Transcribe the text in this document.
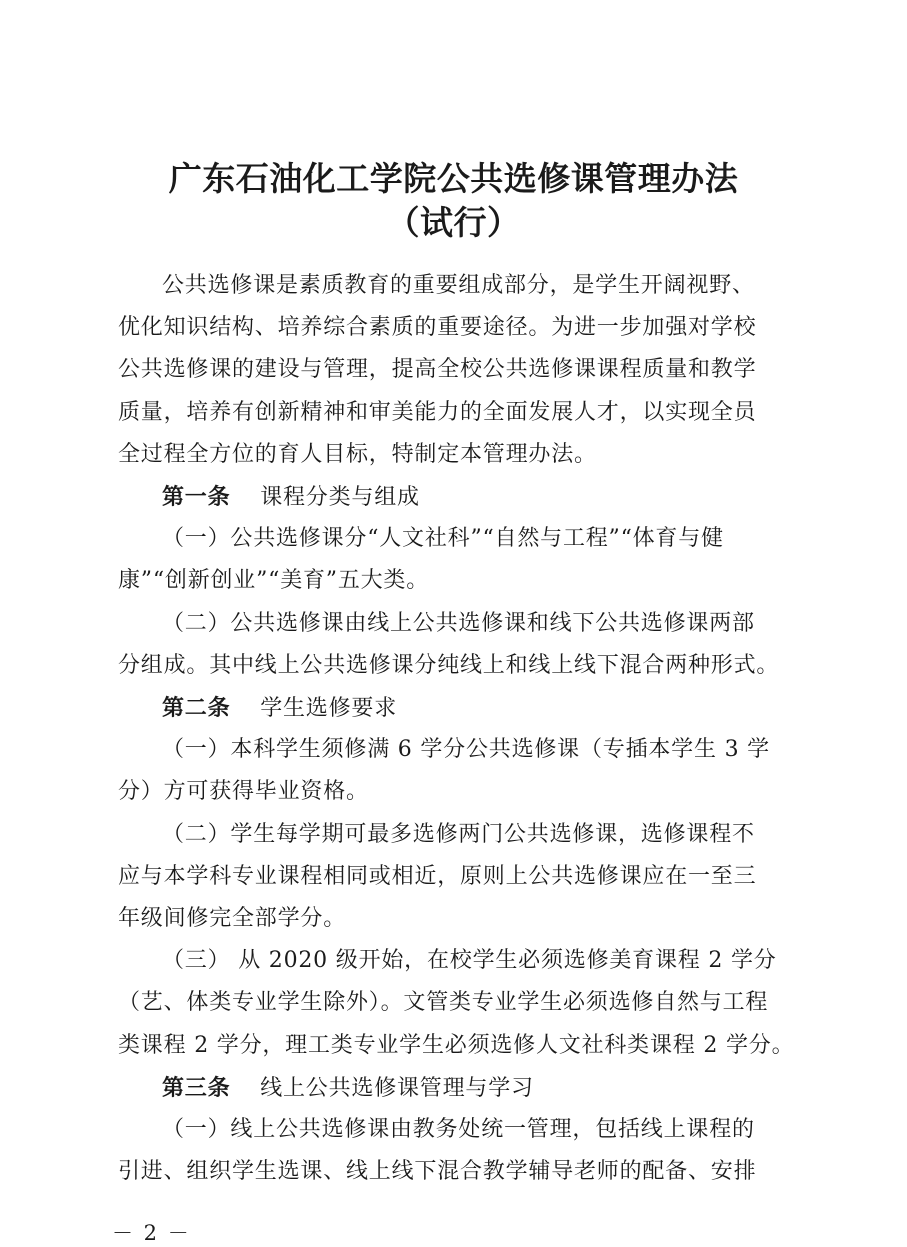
广东石油化工学院公共选修课管理办法
（试行）
公共选修课是素质教育的重要组成部分，是学生开阔视野、
优化知识结构、培养综合素质的重要途径。为进一步加强对学校
公共选修课的建设与管理，提高全校公共选修课课程质量和教学
质量，培养有创新精神和审美能力的全面发展人才，以实现全员
全过程全方位的育人目标，特制定本管理办法。
第一条 课程分类与组成
（一）公共选修课分“人文社科”“自然与工程”“体育与健
康”“创新创业”“美育”五大类。
（二）公共选修课由线上公共选修课和线下公共选修课两部
分组成。其中线上公共选修课分纯线上和线上线下混合两种形式。
第二条 学生选修要求
（一）本科学生须修满 6 学分公共选修课（专插本学生 3 学
分）方可获得毕业资格。
（二）学生每学期可最多选修两门公共选修课，选修课程不
应与本学科专业课程相同或相近，原则上公共选修课应在一至三
年级间修完全部学分。
（三） 从 2020 级开始，在校学生必须选修美育课程 2 学分
（艺、体类专业学生除外）。文管类专业学生必须选修自然与工程
类课程 2 学分，理工类专业学生必须选修人文社科类课程 2 学分。
第三条 线上公共选修课管理与学习
－ 2 －
（一）线上公共选修课由教务处统一管理，包括线上课程的
引进、组织学生选课、线上线下混合教学辅导老师的配备、安排
